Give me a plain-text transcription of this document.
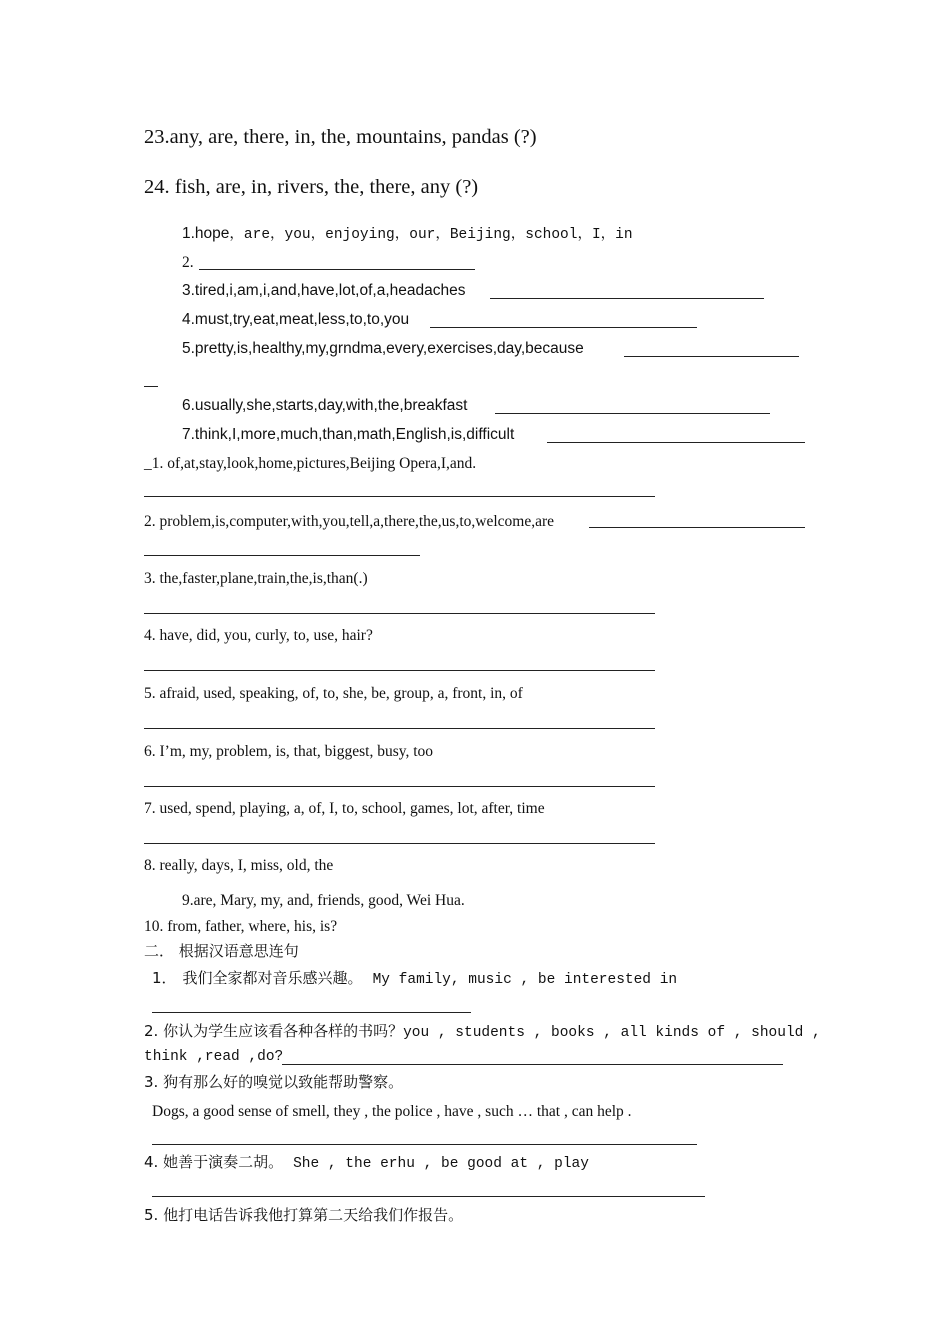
23.any, are, there, in, the, mountains, pandas (?)
24. fish, are, in, rivers, the, there, any (?)
1.hope，are，you，enjoying，our，Beijing，school，I，in
2.
3.tired,i,am,i,and,have,lot,of,a,headaches
4.must,try,eat,meat,less,to,to,you
5.pretty,is,healthy,my,grndma,every,exercises,day,because
6.usually,she,starts,day,with,the,breakfast
7.think,I,more,much,than,math,English,is,difficult
_1. of,at,stay,look,home,pictures,Beijing Opera,I,and.
2. problem,is,computer,with,you,tell,a,there,the,us,to,welcome,are
3. the,faster,plane,train,the,is,than(.)
4. have, did, you, curly, to, use, hair?
5. afraid, used, speaking, of, to, she, be, group, a, front, in, of
6. I’m, my, problem, is, that, biggest, busy, too
7. used, spend, playing, a, of, I, to, school, games, lot, after, time
8. really, days, I, miss, old, the
9.are, Mary, my, and, friends, good, Wei Hua.
10. from, father, where, his, is?
二． 根据汉语意思连句
1． 我们全家都对音乐感兴趣。 My family, music , be interested in
2. 你认为学生应该看各种各样的书吗？you , students , books , all kinds of , should ,
think ,read ,do?
3. 狗有那么好的嗅觉以致能帮助警察。
Dogs, a good sense of smell, they , the police , have , such … that , can help .
4. 她善于演奏二胡。 She , the erhu , be good at , play
5. 他打电话告诉我他打算第二天给我们作报告。
